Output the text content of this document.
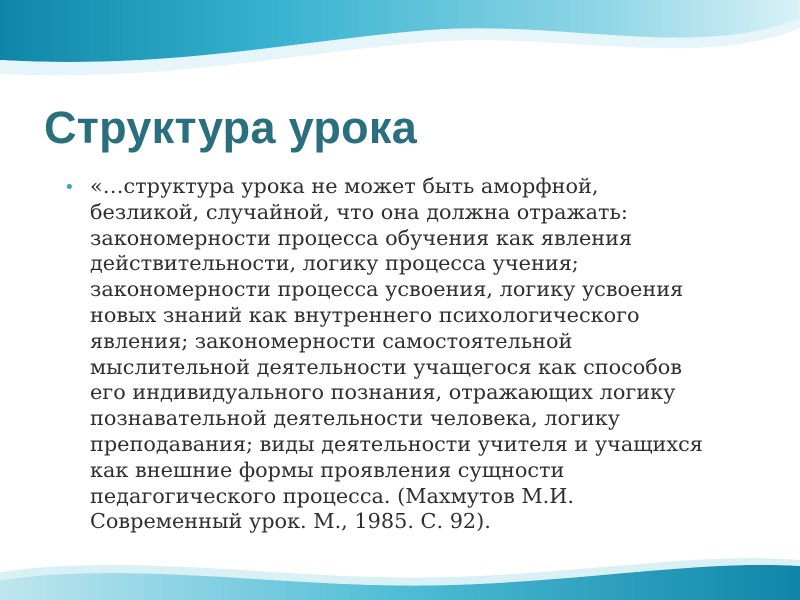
Структура урока
• «…структура урока не может быть аморфной,
безликой, случайной, что она должна отражать:
закономерности процесса обучения как явления
действительности, логику процесса учения;
закономерности процесса усвоения, логику усвоения
новых знаний как внутреннего психологического
явления; закономерности самостоятельной
мыслительной деятельности учащегося как способов
его индивидуального познания, отражающих логику
познавательной деятельности человека, логику
преподавания; виды деятельности учителя и учащихся
как внешние формы проявления сущности
педагогического процесса. (Махмутов М.И.
Современный урок. М., 1985. С. 92).
